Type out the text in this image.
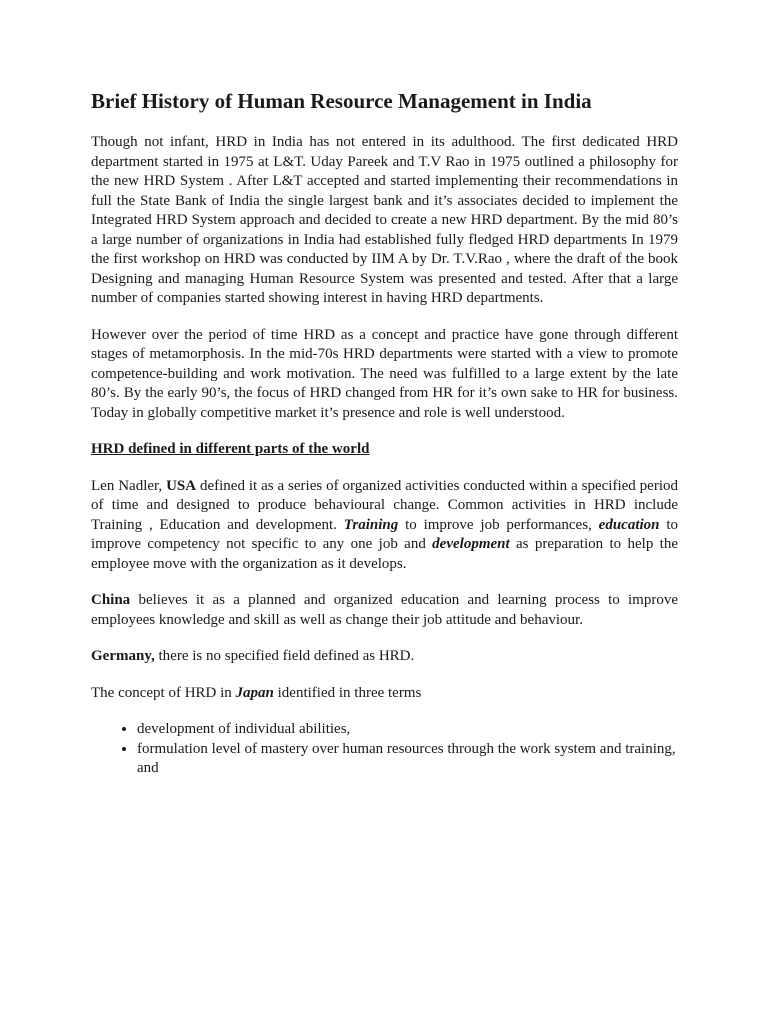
Brief History of Human Resource Management in India

Though not infant, HRD in India has not entered in its adulthood. The first dedicated HRD department started in 1975 at L&T. Uday Pareek and T.V Rao in 1975 outlined a philosophy for the new HRD System . After L&T accepted and started implementing their recommendations in full the State Bank of India the single largest bank and it’s associates decided to implement the Integrated HRD System approach and decided to create a new HRD department. By the mid 80’s a large number of organizations in India had established fully fledged HRD departments In 1979 the first workshop on HRD was conducted by IIM A by Dr. T.V.Rao , where the draft of the book Designing and managing Human Resource System was presented and tested. After that a large number of companies started showing interest in having HRD departments.

However over the period of time HRD as a concept and practice have gone through different stages of metamorphosis. In the mid-70s HRD departments were started with a view to promote competence-building and work motivation. The need was fulfilled to a large extent by the late 80’s. By the early 90’s, the focus of HRD changed from HR for it’s own sake to HR for business. Today in globally competitive market it’s presence and role is well understood.

HRD defined in different parts of the world

Len Nadler, USA defined it as a series of organized activities conducted within a specified period of time and designed to produce behavioural change. Common activities in HRD include Training , Education and development. Training to improve job performances, education to improve competency not specific to any one job and development as preparation to help the employee move with the organization as it develops.

China believes it as a planned and organized education and learning process to improve employees knowledge and skill as well as change their job attitude and behaviour.

Germany, there is no specified field defined as HRD.

The concept of HRD in Japan identified in three terms

• development of individual abilities,
• formulation level of mastery over human resources through the work system and training, and
